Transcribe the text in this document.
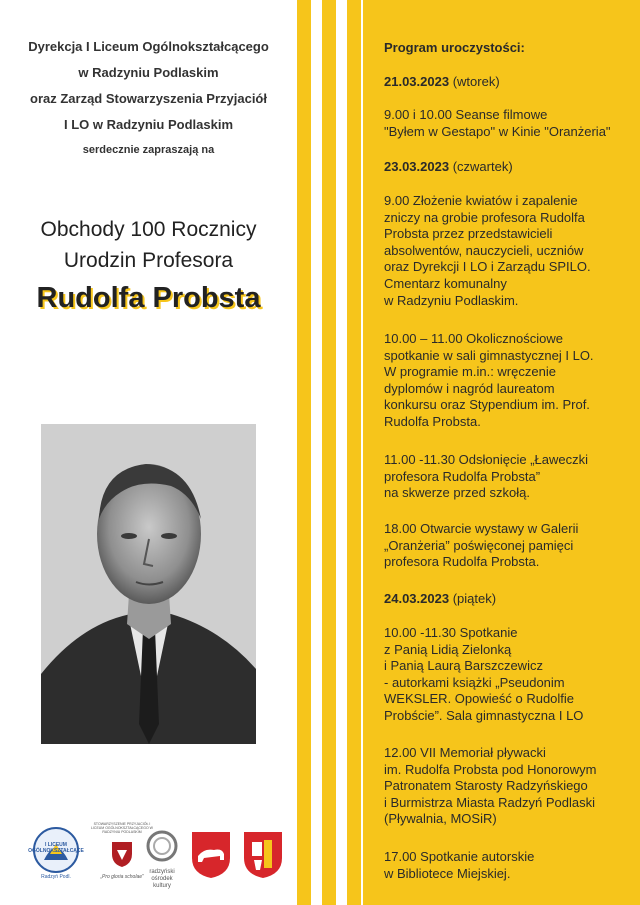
Dyrekcja I Liceum Ogólnokształcącego
w Radzyniu Podlaskim
oraz Zarząd Stowarzyszenia Przyjaciół
I LO w Radzyniu Podlaskim
serdecznie zapraszają na
Obchody 100 Rocznicy
Urodzin Profesora
Rudolfa Probsta
I LICEUM OGÓLNOKSZTAŁCĄCE
Radzyń Podl.
STOWARZYSZENIE PRZYJACIÓŁ I LICEUM OGÓLNOKSZTAŁCĄCEGO W RADZYNIU PODLASKIM
„Pro gloria scholae”
radzyński ośrodek kultury
Program uroczystości:
21.03.2023 (wtorek)
9.00 i 10.00 Seanse filmowe
"Byłem w Gestapo" w Kinie "Oranżeria"
23.03.2023 (czwartek)
9.00 Złożenie kwiatów i zapalenie
zniczy na grobie profesora Rudolfa
Probsta przez przedstawicieli
absolwentów, nauczycieli, uczniów
oraz Dyrekcji I LO i Zarządu SPILO.
Cmentarz komunalny
w Radzyniu Podlaskim.
10.00 – 11.00 Okolicznościowe
spotkanie w sali gimnastycznej I LO.
W programie m.in.: wręczenie
dyplomów i nagród laureatom
konkursu oraz Stypendium im. Prof.
Rudolfa Probsta.
11.00 -11.30 Odsłonięcie „Ławeczki
profesora Rudolfa Probsta”
na skwerze przed szkołą.
18.00 Otwarcie wystawy w Galerii
„Oranżeria” poświęconej pamięci
profesora Rudolfa Probsta.
24.03.2023 (piątek)
10.00 -11.30 Spotkanie
z Panią Lidią Zielonką
i Panią Laurą Barszczewicz
- autorkami książki „Pseudonim
WEKSLER. Opowieść o Rudolfie
Probście”. Sala gimnastyczna I LO
12.00 VII Memoriał pływacki
im. Rudolfa Probsta pod Honorowym
Patronatem Starosty Radzyńskiego
i Burmistrza Miasta Radzyń Podlaski
(Pływalnia, MOSiR)
17.00 Spotkanie autorskie
w Bibliotece Miejskiej.
